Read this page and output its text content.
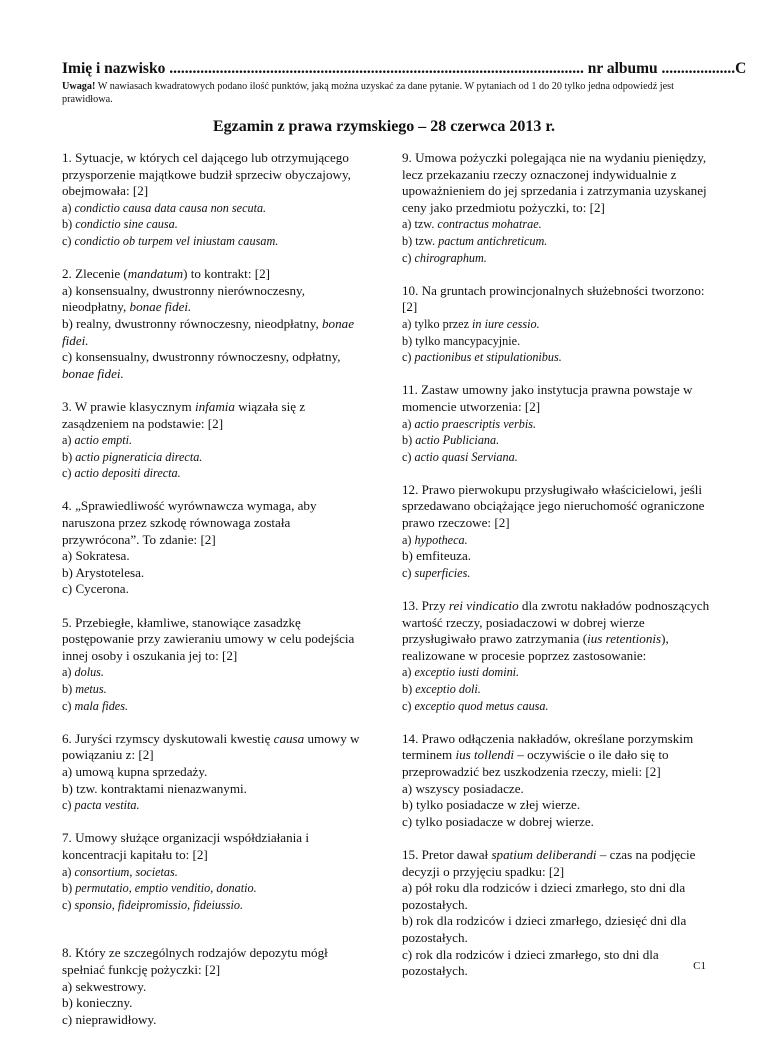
Imię i nazwisko ........................................................................................................... nr albumu ...................C
Uwaga! W nawiasach kwadratowych podano ilość punktów, jaką można uzyskać za dane pytanie. W pytaniach od 1 do 20 tylko jedna odpowiedź jest prawidłowa.
Egzamin z prawa rzymskiego – 28 czerwca 2013 r.
1. Sytuacje, w których cel dającego lub otrzymującego przysporzenie majątkowe budził sprzeciw obyczajowy, obejmowała: [2]
a) condictio causa data causa non secuta.
b) condictio sine causa.
c) condictio ob turpem vel iniustam causam.
2. Zlecenie (mandatum) to kontrakt: [2]
a) konsensualny, dwustronny nierównoczesny, nieodpłatny, bonae fidei.
b) realny, dwustronny równoczesny, nieodpłatny, bonae fidei.
c) konsensualny, dwustronny równoczesny, odpłatny, bonae fidei.
3. W prawie klasycznym infamia wiązała się z zasądzeniem na podstawie: [2]
a) actio empti.
b) actio pigneraticia directa.
c) actio depositi directa.
4. „Sprawiedliwość wyrównawcza wymaga, aby naruszona przez szkodę równowaga została przywrócona”. To zdanie: [2]
a) Sokratesa.
b) Arystotelesa.
c) Cycerona.
5. Przebiegłe, kłamliwe, stanowiące zasadzkę postępowanie przy zawieraniu umowy w celu podejścia innej osoby i oszukania jej to: [2]
a) dolus.
b) metus.
c) mala fides.
6. Juryści rzymscy dyskutowali kwestię causa umowy w powiązaniu z: [2]
a) umową kupna sprzedaży.
b) tzw. kontraktami nienazwanymi.
c) pacta vestita.
7. Umowy służące organizacji współdziałania i koncentracji kapitału to: [2]
a) consortium, societas.
b) permutatio, emptio venditio, donatio.
c) sponsio, fideipromissio, fideiussio.
8. Który ze szczególnych rodzajów depozytu mógł spełniać funkcję pożyczki: [2]
a) sekwestrowy.
b) konieczny.
c) nieprawidłowy.
9. Umowa pożyczki polegająca nie na wydaniu pieniędzy, lecz przekazaniu rzeczy oznaczonej indywidualnie z upoważnieniem do jej sprzedania i zatrzymania uzyskanej ceny jako przedmiotu pożyczki, to: [2]
a) tzw. contractus mohatrae.
b) tzw. pactum antichreticum.
c) chirographum.
10. Na gruntach prowincjonalnych służebności tworzono: [2]
a) tylko przez in iure cessio.
b) tylko mancypacyjnie.
c) pactionibus et stipulationibus.
11. Zastaw umowny jako instytucja prawna powstaje w momencie utworzenia: [2]
a) actio praescriptis verbis.
b) actio Publiciana.
c) actio quasi Serviana.
12. Prawo pierwokupu przysługiwało właścicielowi, jeśli sprzedawano obciążające jego nieruchomość ograniczone prawo rzeczowe: [2]
a) hypotheca.
b) emfiteuza.
c) superficies.
13. Przy rei vindicatio dla zwrotu nakładów podnoszących wartość rzeczy, posiadaczowi w dobrej wierze przysługiwało prawo zatrzymania (ius retentionis), realizowane w procesie poprzez zastosowanie:
a) exceptio iusti domini.
b) exceptio doli.
c) exceptio quod metus causa.
14. Prawo odłączenia nakładów, określane porzymskim terminem ius tollendi – oczywiście o ile dało się to przeprowadzić bez uszkodzenia rzeczy, mieli: [2]
a) wszyscy posiadacze.
b) tylko posiadacze w złej wierze.
c) tylko posiadacze w dobrej wierze.
15. Pretor dawał spatium deliberandi – czas na podjęcie decyzji o przyjęciu spadku: [2]
a) pół roku dla rodziców i dzieci zmarłego, sto dni dla pozostałych.
b) rok dla rodziców i dzieci zmarłego, dziesięć dni dla pozostałych.
c) rok dla rodziców i dzieci zmarłego, sto dni dla pozostałych.	C1
